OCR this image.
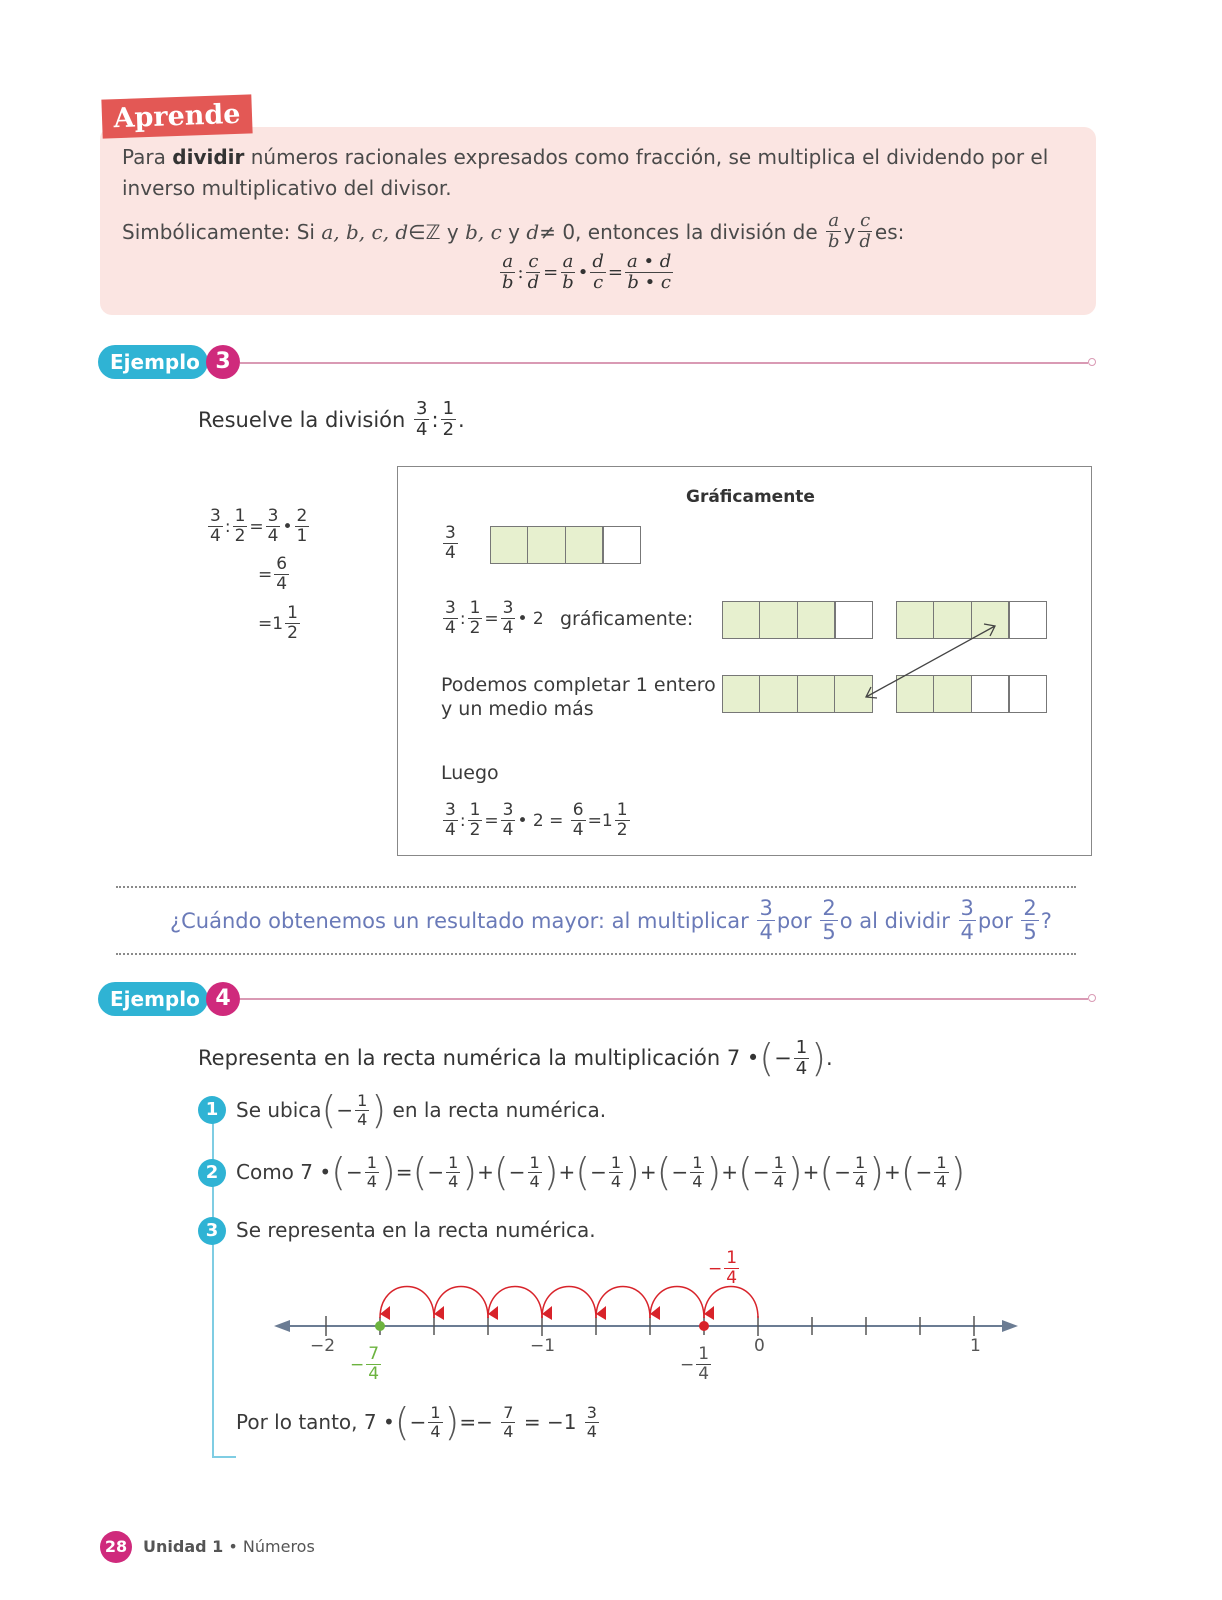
Aprende
Para dividir números racionales expresados como fracción, se multiplica el dividendo por el
inverso multiplicativo del divisor.
Simbólicamente: Si
a, b, c, d ∈ℤ y
b, c y d ≠ 0, entonces la división de
a
b y c
d es:
a
b : $\frac{c}{d} = \frac{a}{b}$ • $\frac{d}{c} = \frac{a • d}{b • c}$
Ejemplo 3
Resuelve la división
3
4 : 1
2 .
3
4 : $\frac{1}{2} = \frac{3}{4}$ •
2
1
= $\frac{6}{4}$
= 1
1
2
Gráficamente
$\frac{3}{4}$
3
4 : $\frac{1}{2} = \frac{3}{4}$ •
2
gráficamente:
Podemos completar 1 entero
y un medio más
Luego
3
4 : $\frac{1}{2} = \frac{3}{4}$ •
2
=
$\frac{6}{4} = 1$
1
2
¿Cuándo obtenemos un resultado mayor: al multiplicar

3
4 por

2
5 o al dividir

3
4 por

2
5 ?
Ejemplo 4
Representa en la recta numérica la multiplicación 7 • ( − $\frac{1}{4}$ ) .
1 Se ubica ( − $\frac{1}{4}$ )
en la recta numérica.
2 Como 7 • ( − $\frac{1}{4}$ ) = ( − $\frac{1}{4}$ ) + ( − $\frac{1}{4}$ ) + ( − $\frac{1}{4}$ ) + ( − $\frac{1}{4}$ ) + ( − $\frac{1}{4}$ ) + ( − $\frac{1}{4}$ ) + ( − $\frac{1}{4}$ )
3 Se representa en la recta numérica.
−2	−1	0	1
− $\frac{7}{4}$	− $\frac{1}{4}$
− $\frac{1}{4}$
Por lo tanto, 7 • ( − $\frac{1}{4}$ ) = −
$\frac{7}{4}$
=
− 1
3
4
28 Unidad 1 • Números
